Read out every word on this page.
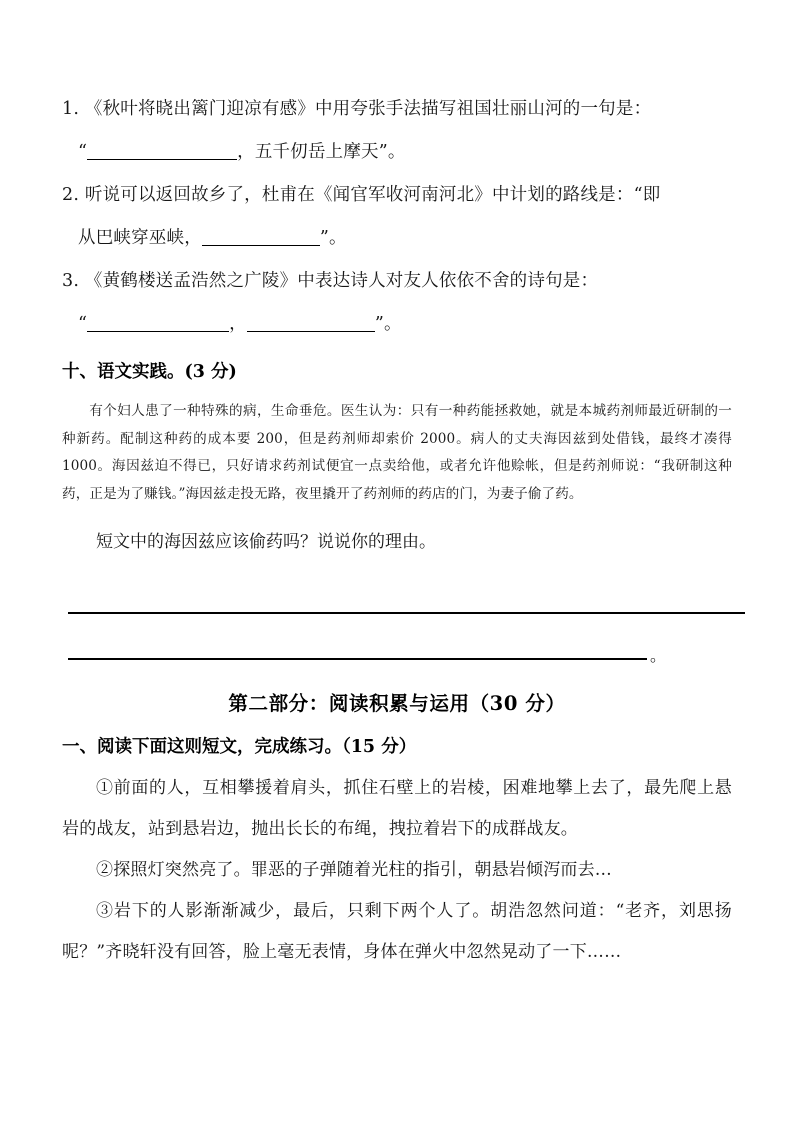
1. 《秋叶将晓出篱门迎凉有感》中用夸张手法描写祖国壮丽山河的一句是：
“	，五千仞岳上摩天”。
2. 听说可以返回故乡了，杜甫在《闻官军收河南河北》中计划的路线是：“即
从巴峡穿巫峡，	”。
3. 《黄鹤楼送孟浩然之广陵》中表达诗人对友人依依不舍的诗句是：
“	，	”。
十、语文实践。(3 分)

有个妇人患了一种特殊的病，生命垂危。医生认为：只有一种药能拯救她，就是本城药剂师最近研制的一种新药。配制这种药的成本要 200，但是药剂师却索价 2000。病人的丈夫海因兹到处借钱，最终才凑得 1000。海因兹迫不得已，只好请求药剂试便宜一点卖给他，或者允许他赊帐，但是药剂师说：“我研制这种药，正是为了赚钱。”海因兹走投无路，夜里撬开了药剂师的药店的门，为妻子偷了药。

短文中的海因兹应该偷药吗？说说你的理由。
。
第二部分：阅读积累与运用（30 分）
一、阅读下面这则短文，完成练习。（15 分）

①前面的人，互相攀援着肩头，抓住石壁上的岩棱，困难地攀上去了，最先爬上悬岩的战友，站到悬岩边，抛出长长的布绳，拽拉着岩下的成群战友。

②探照灯突然亮了。罪恶的子弹随着光柱的指引，朝悬岩倾泻而去…

③岩下的人影渐渐减少，最后，只剩下两个人了。胡浩忽然问道：“老齐，刘思扬呢？”齐晓轩没有回答，脸上毫无表情，身体在弹火中忽然晃动了一下……
